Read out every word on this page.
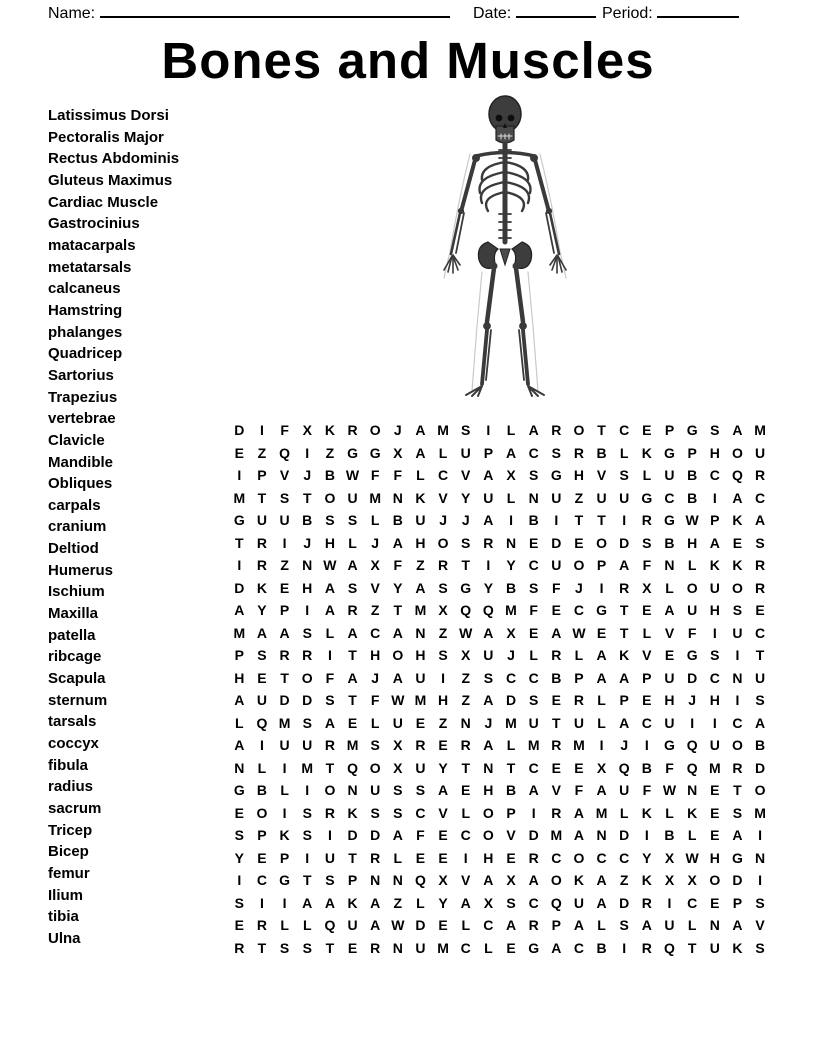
Name:	Date:	Period:
Bones and Muscles
Latissimus Dorsi
Pectoralis Major
Rectus Abdominis
Gluteus Maximus
Cardiac Muscle
Gastrocinius
matacarpals
metatarsals
calcaneus
Hamstring
phalanges
Quadricep
Sartorius
Trapezius
vertebrae
Clavicle
Mandible
Obliques
carpals
cranium
Deltiod
Humerus
Ischium
Maxilla
patella
ribcage
Scapula
sternum
tarsals
coccyx
fibula
radius
sacrum
Tricep
Bicep
femur
Ilium
tibia
Ulna
D	I	F X K R O J A M S	I	L A R O T C E P G S A M
E Z Q	I	Z G G X A L U P A C S R B L K G P H O U
I	P V	J B W F	F	L C V A X S G H V S L U B C Q R
M T S T O U M N K V Y U L N U Z U U G C B	I	A C
G U U B S S L B U J	J A	I	B	I	T	T	I	R G W P K A
T R	I	J H L	J A H O S R N E D E O D S B H A E S
I	R Z N W A X F	Z R T	I	Y C U O P A F N L K K R
D K E H A S V Y A S G Y B S F	J	I	R X L O U O R
A Y P	I	A R Z	T M X Q Q M F E C G T E A U H S E
M A A S L A C A N Z W A X E A W E T	L V F	I	U C
P S R R	I	T H O H S X U J	L R L A K V E G S	I	T
H E T O F A J A U	I	Z S C C B P A A P U D C N U
A U D D S T	F W M H Z A D S E R L P E H J H	I	S
L Q M S A E L U E Z N J M U T U L A C U	I	I	C A
A	I	U U R M S X R E R A L M R M	I	J	I	G Q U O B
N L	I	M T Q O X U Y T N T C E E X Q B F Q M R D
G B L	I	O N U S S A E H B A V F A U F W N E T O
E O	I	S R K S S C V L O P	I	R A M L K L K E S M
S P K S	I	D D A F E C O V D M A N D	I	B L E A	I
Y E P	I	U T R L E E	I	H E R C O C C Y X W H G N
I	C G T S P N N Q X V A X A O K A Z K X X O D	I
S	I	I	A A K A Z	L Y A X S C Q U A D R	I	C E P S
E R L	L Q U A W D E L C A R P A L S A U L N A V
R T S S T E R N U M C L E G A C B	I	R Q T U K S
